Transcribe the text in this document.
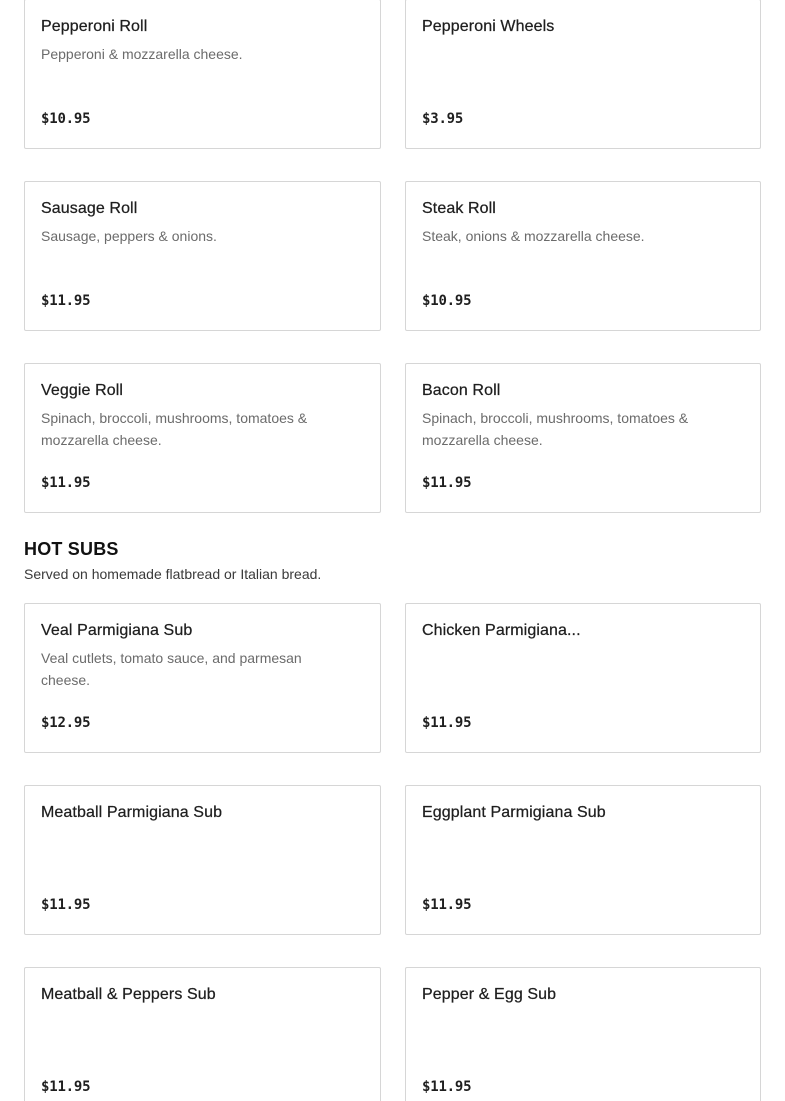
Pepperoni Roll
Pepperoni & mozzarella cheese.
$10.95
Pepperoni Wheels
$3.95
Sausage Roll
Sausage, peppers & onions.
$11.95
Steak Roll
Steak, onions & mozzarella cheese.
$10.95
Veggie Roll
Spinach, broccoli, mushrooms, tomatoes & mozzarella cheese.
$11.95
Bacon Roll
Spinach, broccoli, mushrooms, tomatoes & mozzarella cheese.
$11.95
HOT SUBS
Served on homemade flatbread or Italian bread.
Veal Parmigiana Sub
Veal cutlets, tomato sauce, and parmesan cheese.
$12.95
Chicken Parmigiana...
$11.95
Meatball Parmigiana Sub
$11.95
Eggplant Parmigiana Sub
$11.95
Meatball & Peppers Sub
$11.95
Pepper & Egg Sub
$11.95
